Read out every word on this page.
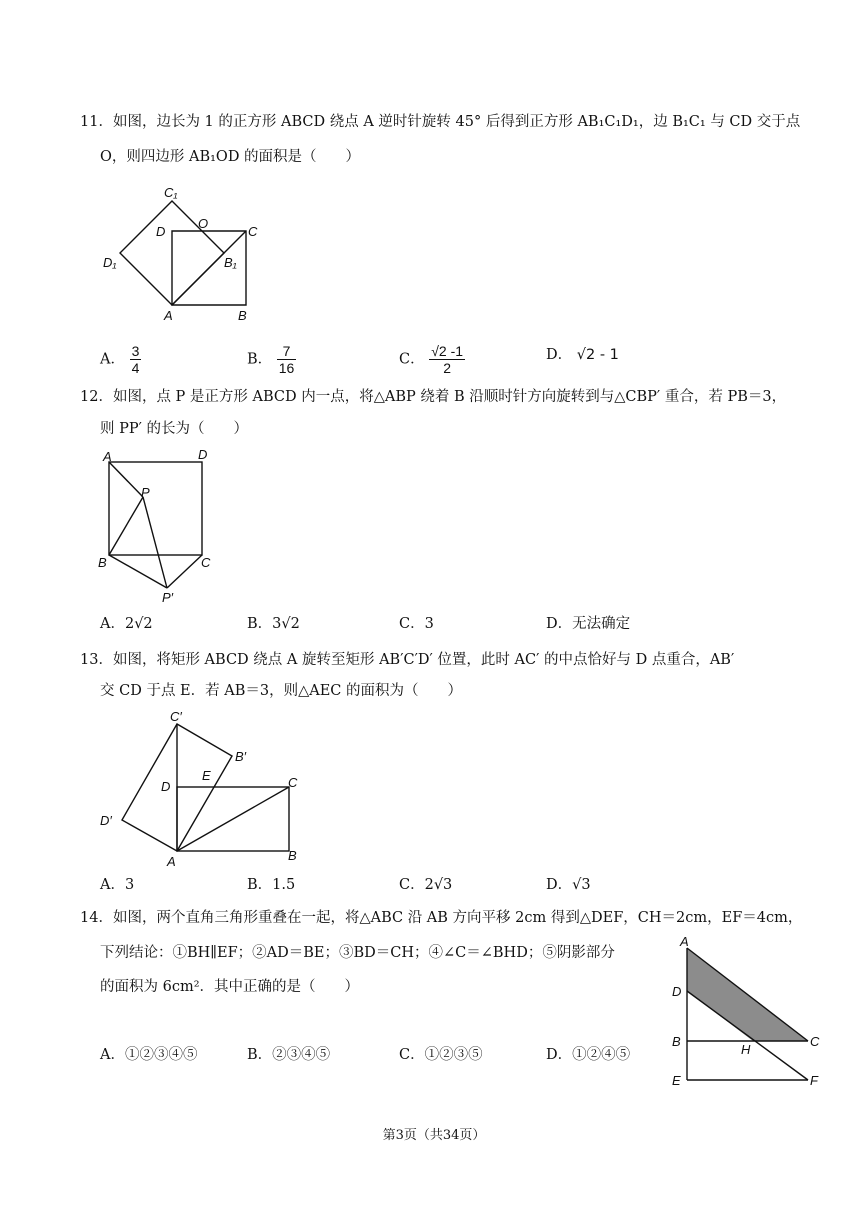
11．如图，边长为 1 的正方形 ABCD 绕点 A 逆时针旋转 45° 后得到正方形 AB₁C₁D₁，边 B₁C₁ 与 CD 交于点
O，则四边形 AB₁OD 的面积是（　　）
C₁
O
D	C
D₁	B₁
A	B
A． $\frac{3}{4}$	B． $\frac{7}{16}$	C． $\frac{√2 -1}{2}$	D． √2 - 1
12．如图，点 P 是正方形 ABCD 内一点，将△ABP 绕着 B 沿顺时针方向旋转到与△CBP′ 重合，若 PB＝3，
则 PP′ 的长为（　　）
A	D
P
B	C
P′
A．2√2	B．3√2	C．3	D．无法确定
13．如图，将矩形 ABCD 绕点 A 旋转至矩形 AB′C′D′ 位置，此时 AC′ 的中点恰好与 D 点重合，AB′
交 CD 于点 E．若 AB＝3，则△AEC 的面积为（　　）
C′
B′
E
D	C
D′
A	B
A．3	B．1.5	C．2√3	D．√3
14．如图，两个直角三角形重叠在一起，将△ABC 沿 AB 方向平移 2cm 得到△DEF，CH＝2cm，EF＝4cm，
下列结论：①BH∥EF；②AD＝BE；③BD＝CH；④∠C＝∠BHD；⑤阴影部分
的面积为 6cm²．其中正确的是（　　）
A
D
B
H
C
E	F
A．①②③④⑤	B．②③④⑤	C．①②③⑤	D．①②④⑤
第3页（共34页）
